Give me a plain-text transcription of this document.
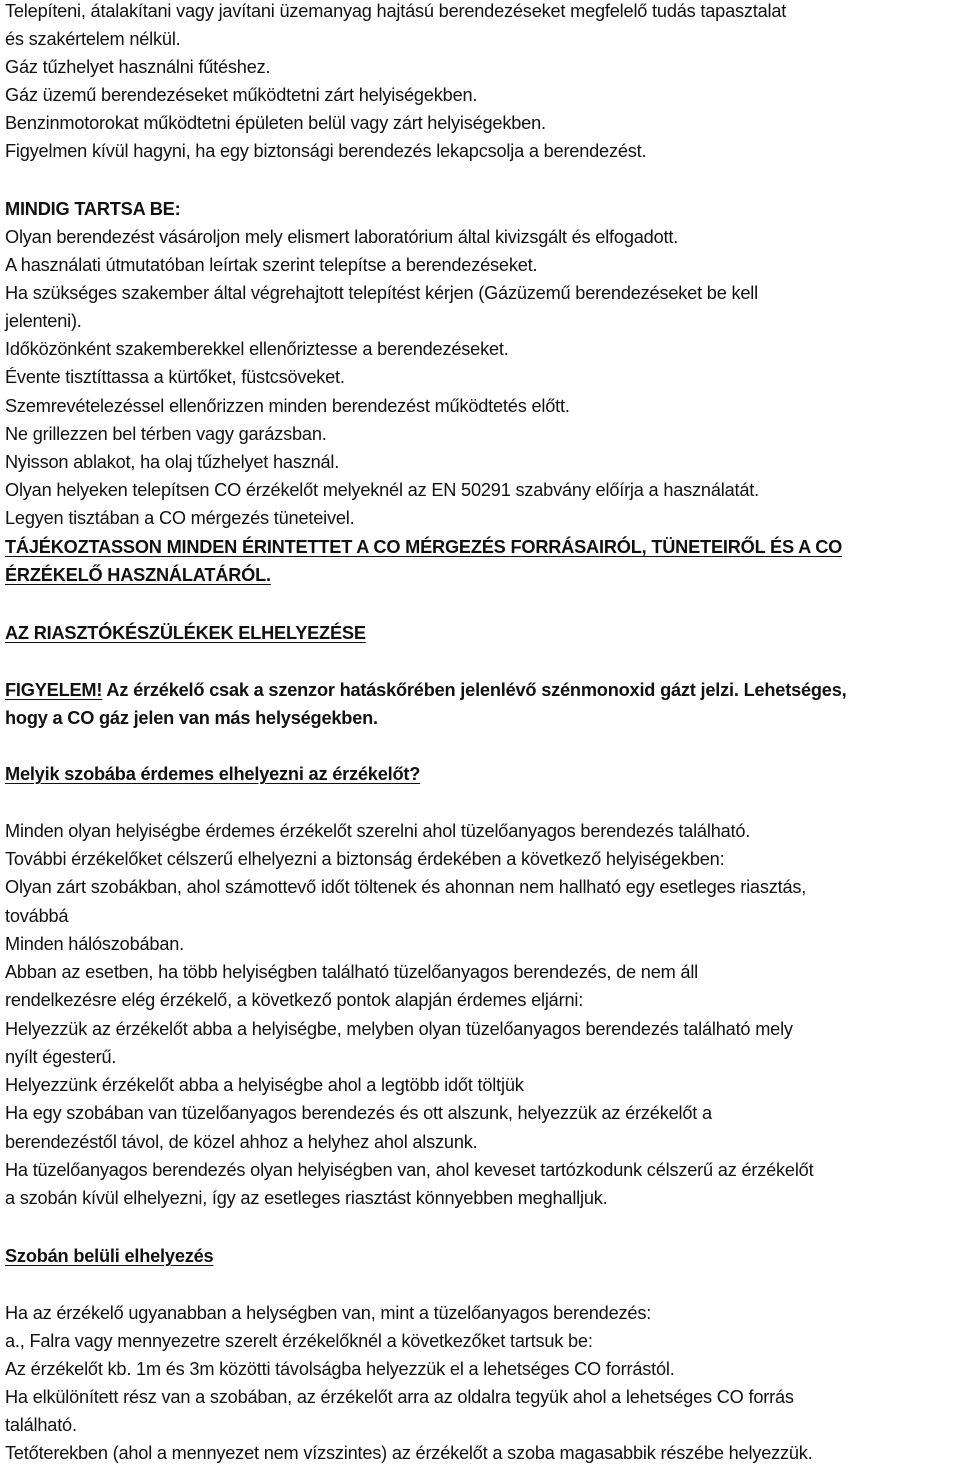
Telepíteni, átalakítani vagy javítani üzemanyag hajtású berendezéseket megfelelő tudás tapasztalat
és szakértelem nélkül.
Gáz tűzhelyet használni fűtéshez.
Gáz üzemű berendezéseket működtetni zárt helyiségekben.
Benzinmotorokat működtetni épületen belül vagy zárt helyiségekben.
Figyelmen kívül hagyni, ha egy biztonsági berendezés lekapcsolja a berendezést.
MINDIG TARTSA BE:
Olyan berendezést vásároljon mely elismert laboratórium által kivizsgált és elfogadott.
A használati útmutatóban leírtak szerint telepítse a berendezéseket.
Ha szükséges szakember által végrehajtott telepítést kérjen (Gázüzemű berendezéseket be kell
jelenteni).
Időközönként szakemberekkel ellenőriztesse a berendezéseket.
Évente tisztíttassa a kürtőket, füstcsöveket.
Szemrevételezéssel ellenőrizzen minden berendezést működtetés előtt.
Ne grillezzen bel térben vagy garázsban.
Nyisson ablakot, ha olaj tűzhelyet használ.
Olyan helyeken telepítsen CO érzékelőt melyeknél az EN 50291 szabvány előírja a használatát.
Legyen tisztában a CO mérgezés tüneteivel.
TÁJÉKOZTASSON MINDEN ÉRINTETTET A CO MÉRGEZÉS FORRÁSAIRÓL, TÜNETEIRŐL ÉS A CO
ÉRZÉKELŐ HASZNÁLATÁRÓL.
AZ RIASZTÓKÉSZÜLÉKEK ELHELYEZÉSE
FIGYELEM! Az érzékelő csak a szenzor hatáskőrében jelenlévő szénmonoxid gázt jelzi. Lehetséges,
hogy a CO gáz jelen van más helységekben.
Melyik szobába érdemes elhelyezni az érzékelőt?
Minden olyan helyiségbe érdemes érzékelőt szerelni ahol tüzelőanyagos berendezés található.
További érzékelőket célszerű elhelyezni a biztonság érdekében a következő helyiségekben:
Olyan zárt szobákban, ahol számottevő időt töltenek és ahonnan nem hallható egy esetleges riasztás,
továbbá
Minden hálószobában.
Abban az esetben, ha több helyiségben található tüzelőanyagos berendezés, de nem áll
rendelkezésre elég érzékelő, a következő pontok alapján érdemes eljárni:
Helyezzük az érzékelőt abba a helyiségbe, melyben olyan tüzelőanyagos berendezés található mely
nyílt égesterű.
Helyezzünk érzékelőt abba a helyiségbe ahol a legtöbb időt töltjük
Ha egy szobában van tüzelőanyagos berendezés és ott alszunk, helyezzük az érzékelőt a
berendezéstől távol, de közel ahhoz a helyhez ahol alszunk.
Ha tüzelőanyagos berendezés olyan helyiségben van, ahol keveset tartózkodunk célszerű az érzékelőt
a szobán kívül elhelyezni, így az esetleges riasztást könnyebben meghalljuk.
Szobán belüli elhelyezés
Ha az érzékelő ugyanabban a helységben van, mint a tüzelőanyagos berendezés:
a., Falra vagy mennyezetre szerelt érzékelőknél a következőket tartsuk be:
Az érzékelőt kb. 1m és 3m közötti távolságba helyezzük el a lehetséges CO forrástól.
Ha elkülönített rész van a szobában, az érzékelőt arra az oldalra tegyük ahol a lehetséges CO forrás
található.
Tetőterekben (ahol a mennyezet nem vízszintes) az érzékelőt a szoba magasabbik részébe helyezzük.
